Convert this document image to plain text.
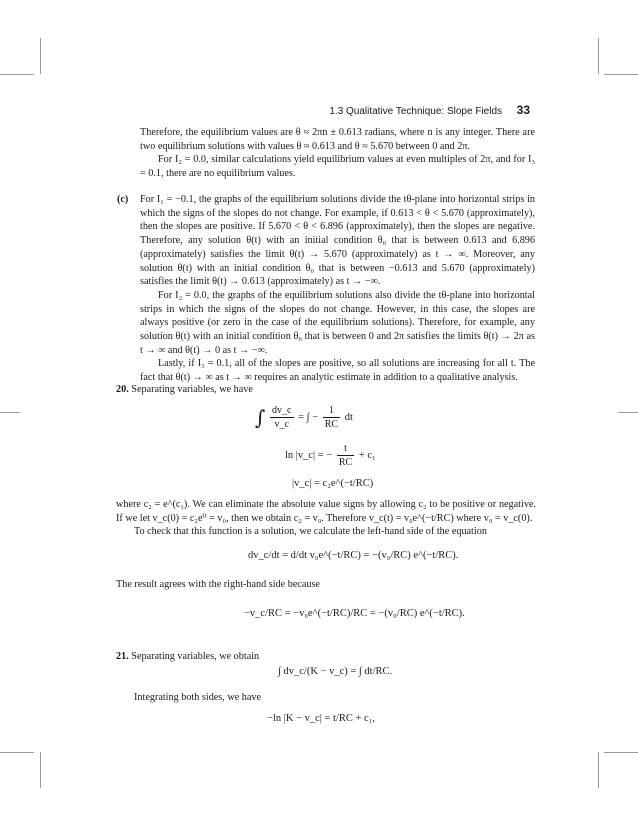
1.3 Qualitative Technique: Slope Fields 33

Therefore, the equilibrium values are θ ≈ 2πn ± 0.613 radians, where n is any integer. There are two equilibrium solutions with values θ ≈ 0.613 and θ ≈ 5.670 between 0 and 2π.

For I₂ = 0.0, similar calculations yield equilibrium values at even multiples of 2π, and for I₃ = 0.1, there are no equilibrium values.

(c) For I₁ = −0.1, the graphs of the equilibrium solutions divide the tθ-plane into horizontal strips in which the signs of the slopes do not change. For example, if 0.613 < θ < 5.670 (approximately), then the slopes are positive. If 5.670 < θ < 6.896 (approximately), then the slopes are negative. Therefore, any solution θ(t) with an initial condition θ₀ that is between 0.613 and 6.896 (approximately) satisfies the limit θ(t) → 5.670 (approximately) as t → ∞. Moreover, any solution θ(t) with an initial condition θ₀ that is between −0.613 and 5.670 (approximately) satisfies the limit θ(t) → 0.613 (approximately) as t → −∞.

For I₂ = 0.0, the graphs of the equilibrium solutions also divide the tθ-plane into horizontal strips in which the signs of the slopes do not change. However, in this case, the slopes are always positive (or zero in the case of the equilibrium solutions). Therefore, for example, any solution θ(t) with an initial condition θ₀ that is between 0 and 2π satisfies the limits θ(t) → 2π as t → ∞ and θ(t) → 0 as t → −∞.

Lastly, if I₃ = 0.1, all of the slopes are positive, so all solutions are increasing for all t. The fact that θ(t) → ∞ as t → ∞ requires an analytic estimate in addition to a qualitative analysis.

20. Separating variables, we have
∫ $\frac{dv\_c}{v\_c}$ = ∫ − $\frac{1}{RC}$ dt
ln |v_c| = − $\frac{t}{RC} + c_1$
|v_c| = c₂e^(−t/RC)

where c₂ = e^(c₁). We can eliminate the absolute value signs by allowing c₂ to be positive or negative. If we let v_c(0) = c₂e⁰ = v₀, then we obtain c₂ = v₀. Therefore v_c(t) = v₀e^(−t/RC) where v₀ = v_c(0).

To check that this function is a solution, we calculate the left-hand side of the equation

dv_c/dt = d/dt v₀e^(−t/RC) = −(v₀/RC) e^(−t/RC).

The result agrees with the right-hand side because

−v_c/RC = −v₀e^(−t/RC)/RC = −(v₀/RC) e^(−t/RC).
21. Separating variables, we obtain
∫ dv_c/(K − v_c) = ∫ dt/RC.

Integrating both sides, we have

−ln |K − v_c| = t/RC + c₁,
